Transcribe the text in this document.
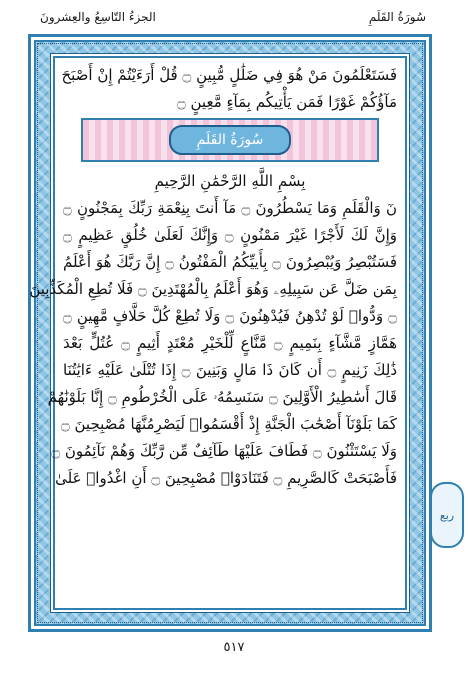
سُورَةُ القَلَمِ
الجزءُ التّاسِعُ والعِشرونَ
فَسَتَعْلَمُونَ مَنْ هُوَ فِي ضَلَٰلٍ مُّبِينٍ ۝ قُلْ أَرَءَيْتُمْ إِنْ أَصْبَحَ
مَآؤُكُمْ غَوْرًا فَمَن يَأْتِيكُم بِمَآءٍ مَّعِينٍ ۝
سُورَةُ القَلَمِ
بِسْمِ اللَّهِ الرَّحْمَٰنِ الرَّحِيمِ
نٓ وَالْقَلَمِ وَمَا يَسْطُرُونَ ۝ مَآ أَنتَ بِنِعْمَةِ رَبِّكَ بِمَجْنُونٍ ۝
وَإِنَّ لَكَ لَأَجْرًا غَيْرَ مَمْنُونٍ ۝ وَإِنَّكَ لَعَلَىٰ خُلُقٍ عَظِيمٍ ۝
فَسَتُبْصِرُ وَيُبْصِرُونَ ۝ بِأَييِّكُمُ الْمَفْتُونُ ۝ إِنَّ رَبَّكَ هُوَ أَعْلَمُ
بِمَن ضَلَّ عَن سَبِيلِهِۦ وَهُوَ أَعْلَمُ بِالْمُهْتَدِينَ ۝ فَلَا تُطِعِ الْمُكَذِّبِينَ
۝ وَدُّوا۟ لَوْ تُدْهِنُ فَيُدْهِنُونَ ۝ وَلَا تُطِعْ كُلَّ حَلَّافٍ مَّهِينٍ ۝
هَمَّازٍ مَّشَّآءٍ بِنَمِيمٍ ۝ مَّنَّاعٍ لِّلْخَيْرِ مُعْتَدٍ أَثِيمٍ ۝ عُتُلٍّ بَعْدَ
ذَٰلِكَ زَنِيمٍ ۝ أَن كَانَ ذَا مَالٍ وَبَنِينَ ۝ إِذَا تُتْلَىٰ عَلَيْهِ ءَايَٰتُنَا
قَالَ أَسَٰطِيرُ الْأَوَّلِينَ ۝ سَنَسِمُهُۥ عَلَى الْخُرْطُومِ ۝ إِنَّا بَلَوْنَٰهُمْ
كَمَا بَلَوْنَآ أَصْحَٰبَ الْجَنَّةِ إِذْ أَقْسَمُوا۟ لَيَصْرِمُنَّهَا مُصْبِحِينَ ۝
وَلَا يَسْتَثْنُونَ ۝ فَطَافَ عَلَيْهَا طَآئِفٌ مِّن رَّبِّكَ وَهُمْ نَآئِمُونَ ۝
فَأَصْبَحَتْ كَالصَّرِيمِ ۝ فَتَنَادَوْا۟ مُصْبِحِينَ ۝ أَنِ اغْدُوا۟ عَلَىٰ
ربع
٥١٧
